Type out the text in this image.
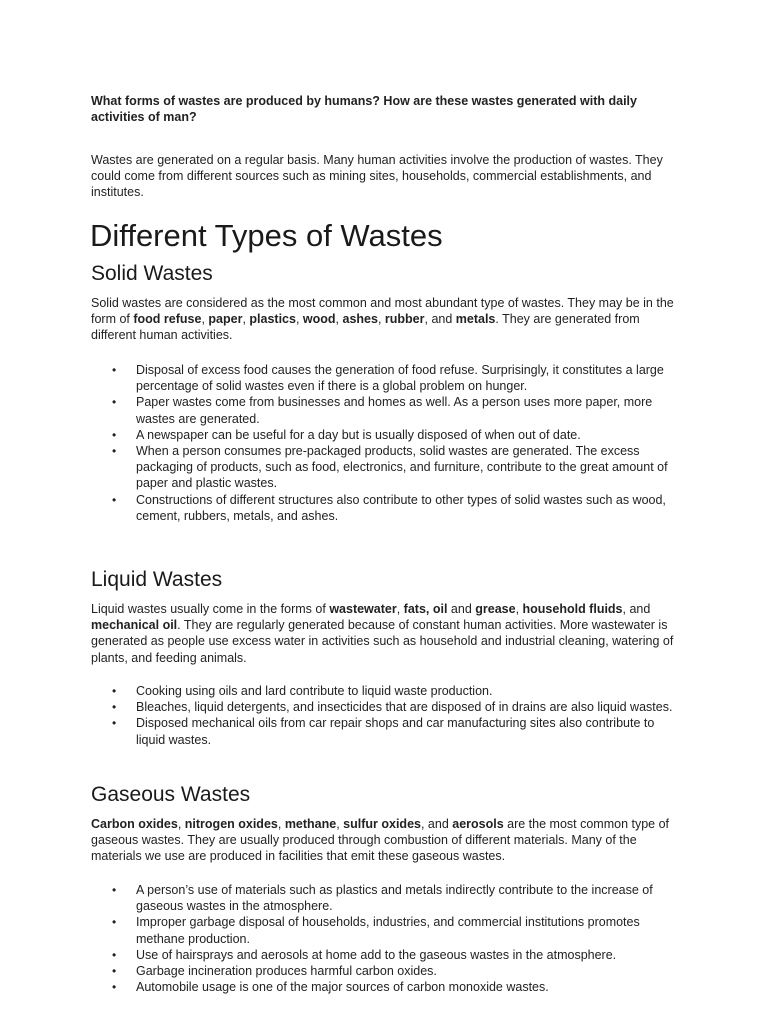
What forms of wastes are produced by humans? How are these wastes generated with daily activities of man?

Wastes are generated on a regular basis. Many human activities involve the production of wastes. They could come from different sources such as mining sites, households, commercial establishments, and institutes.

Different Types of Wastes
Solid Wastes

Solid wastes are considered as the most common and most abundant type of wastes. They may be in the form of food refuse, paper, plastics, wood, ashes, rubber, and metals. They are generated from different human activities.

• Disposal of excess food causes the generation of food refuse. Surprisingly, it constitutes a large percentage of solid wastes even if there is a global problem on hunger.
• Paper wastes come from businesses and homes as well. As a person uses more paper, more wastes are generated.
• A newspaper can be useful for a day but is usually disposed of when out of date.
• When a person consumes pre-packaged products, solid wastes are generated. The excess packaging of products, such as food, electronics, and furniture, contribute to the great amount of paper and plastic wastes.
• Constructions of different structures also contribute to other types of solid wastes such as wood, cement, rubbers, metals, and ashes.
Liquid Wastes

Liquid wastes usually come in the forms of wastewater, fats, oil and grease, household fluids, and mechanical oil. They are regularly generated because of constant human activities. More wastewater is generated as people use excess water in activities such as household and industrial cleaning, watering of plants, and feeding animals.

• Cooking using oils and lard contribute to liquid waste production.
• Bleaches, liquid detergents, and insecticides that are disposed of in drains are also liquid wastes.
• Disposed mechanical oils from car repair shops and car manufacturing sites also contribute to liquid wastes.
Gaseous Wastes

Carbon oxides, nitrogen oxides, methane, sulfur oxides, and aerosols are the most common type of gaseous wastes. They are usually produced through combustion of different materials. Many of the materials we use are produced in facilities that emit these gaseous wastes.

• A person’s use of materials such as plastics and metals indirectly contribute to the increase of gaseous wastes in the atmosphere.
• Improper garbage disposal of households, industries, and commercial institutions promotes methane production.
• Use of hairsprays and aerosols at home add to the gaseous wastes in the atmosphere.
• Garbage incineration produces harmful carbon oxides.
• Automobile usage is one of the major sources of carbon monoxide wastes.
